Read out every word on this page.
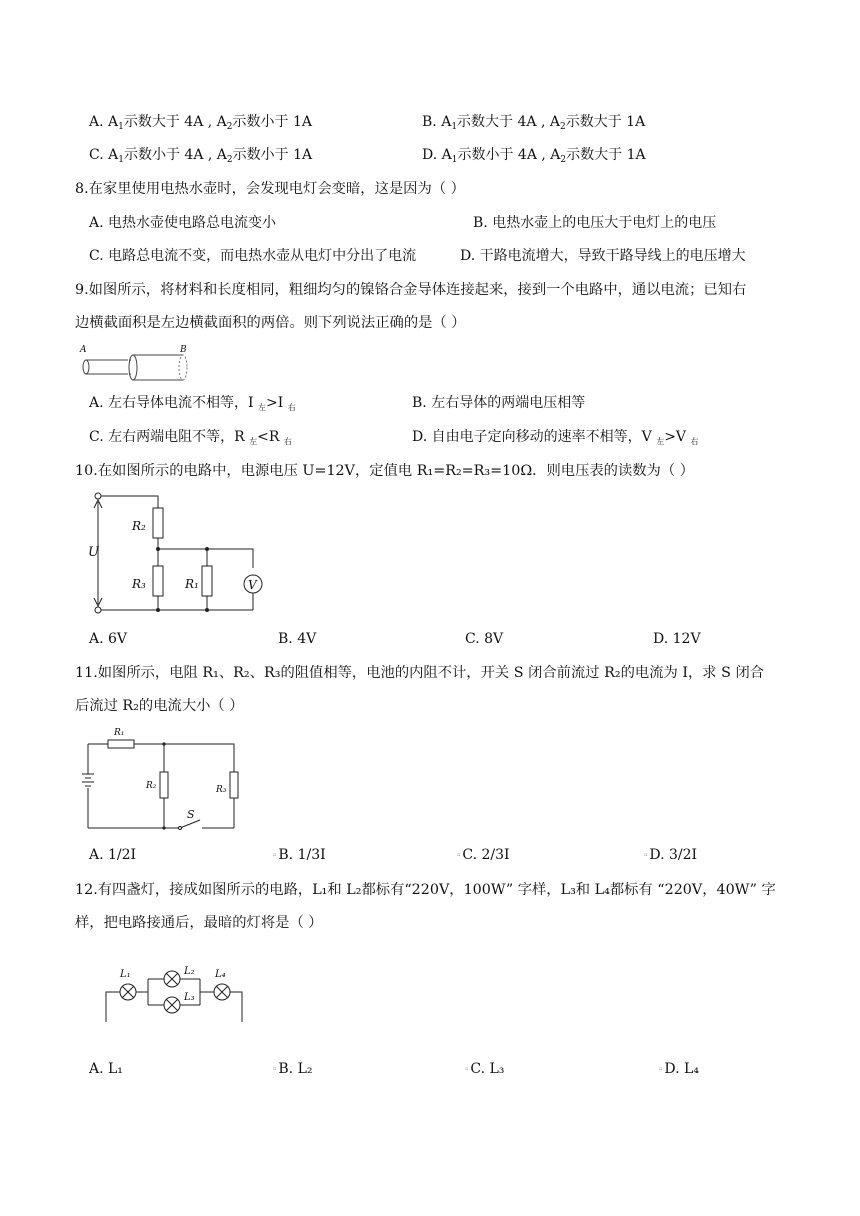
A. $A_1$示数大于 4A , $A_2$示数小于 1A	B. $A_1$示数大于 4A , $A_2$示数大于 1A
C. $A_1$示数小于 4A , $A_2$示数小于 1A	D. $A_1$示数小于 4A , $A_2$示数大于 1A
8.在家里使用电热水壶时，会发现电灯会变暗，这是因为（ ）
A. 电热水壶使电路总电流变小	B. 电热水壶上的电压大于电灯上的电压
C. 电路总电流不变，而电热水壶从电灯中分出了电流	D. 干路电流增大，导致干路导线上的电压增大
9.如图所示，将材料和长度相同，粗细均匀的镍铬合金导体连接起来，接到一个电路中，通以电流；已知右
边横截面积是左边横截面积的两倍。则下列说法正确的是（ ）
A	B
A. 左右导体电流不相等，I $_左$>I $_右$	B. 左右导体的两端电压相等
C. 左右两端电阻不等，R $_左$<R $_右$	D. 自由电子定向移动的速率不相等，V $_左$>V $_右$
10.在如图所示的电路中，电源电压 U=12V，定值电 R₁=R₂=R₃=10Ω．则电压表的读数为（ ）
U
R₂
R₃	R₁	V
A. 6V	B. 4V	C. 8V	D. 12V
11.如图所示，电阻 R₁、R₂、R₃的阻值相等，电池的内阻不计，开关 S 闭合前流过 R₂的电流为 I，求 S 闭合
后流过 R₂的电流大小（ ）
R₁
R₂	R₃
S
A. 1/2I	▫ B. 1/3I	▫ C. 2/3I	▫ D. 3/2I
12.有四盏灯，接成如图所示的电路，L₁和 L₂都标有“220V，100W” 字样，L₃和 L₄都标有 “220V，40W” 字
样，把电路接通后，最暗的灯将是（ ）
L₁	L₂
L₃
L₄
A. L₁	▫ B. L₂	▫ C. L₃	▫ D. L₄
